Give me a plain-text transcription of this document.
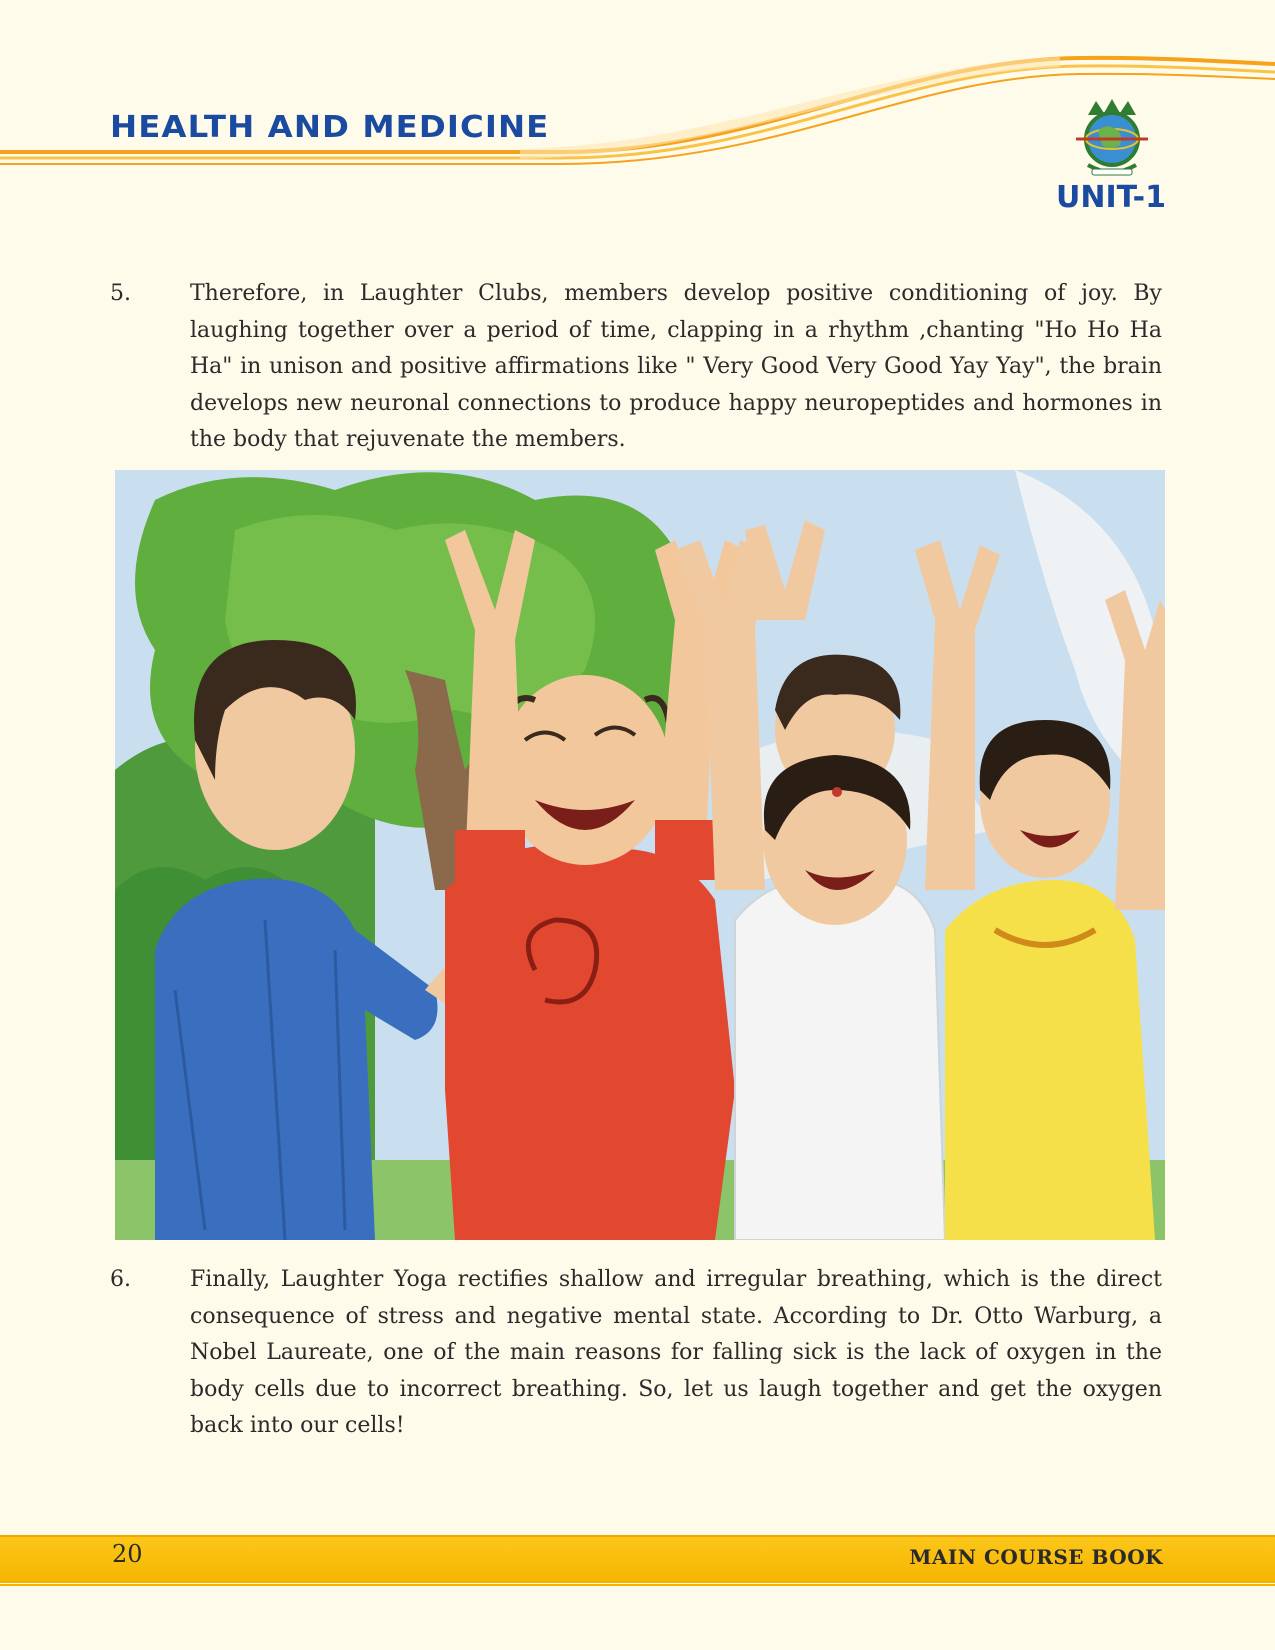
HEALTH AND MEDICINE
UNIT-1
5.	Therefore, in Laughter Clubs, members develop positive conditioning of joy. By laughing together over a period of time, clapping in a rhythm ,chanting "Ho Ho Ha Ha" in unison and positive affirmations like " Very Good Very Good Yay Yay", the brain develops new neuronal connections to produce happy neuropeptides and hormones in the body that rejuvenate the members.
6.	Finally, Laughter Yoga rectifies shallow and irregular breathing, which is the direct consequence of stress and negative mental state. According to Dr. Otto Warburg, a Nobel Laureate, one of the main reasons for falling sick is the lack of oxygen in the body cells due to incorrect breathing. So, let us laugh together and get the oxygen back into our cells!
20	MAIN COURSE BOOK
